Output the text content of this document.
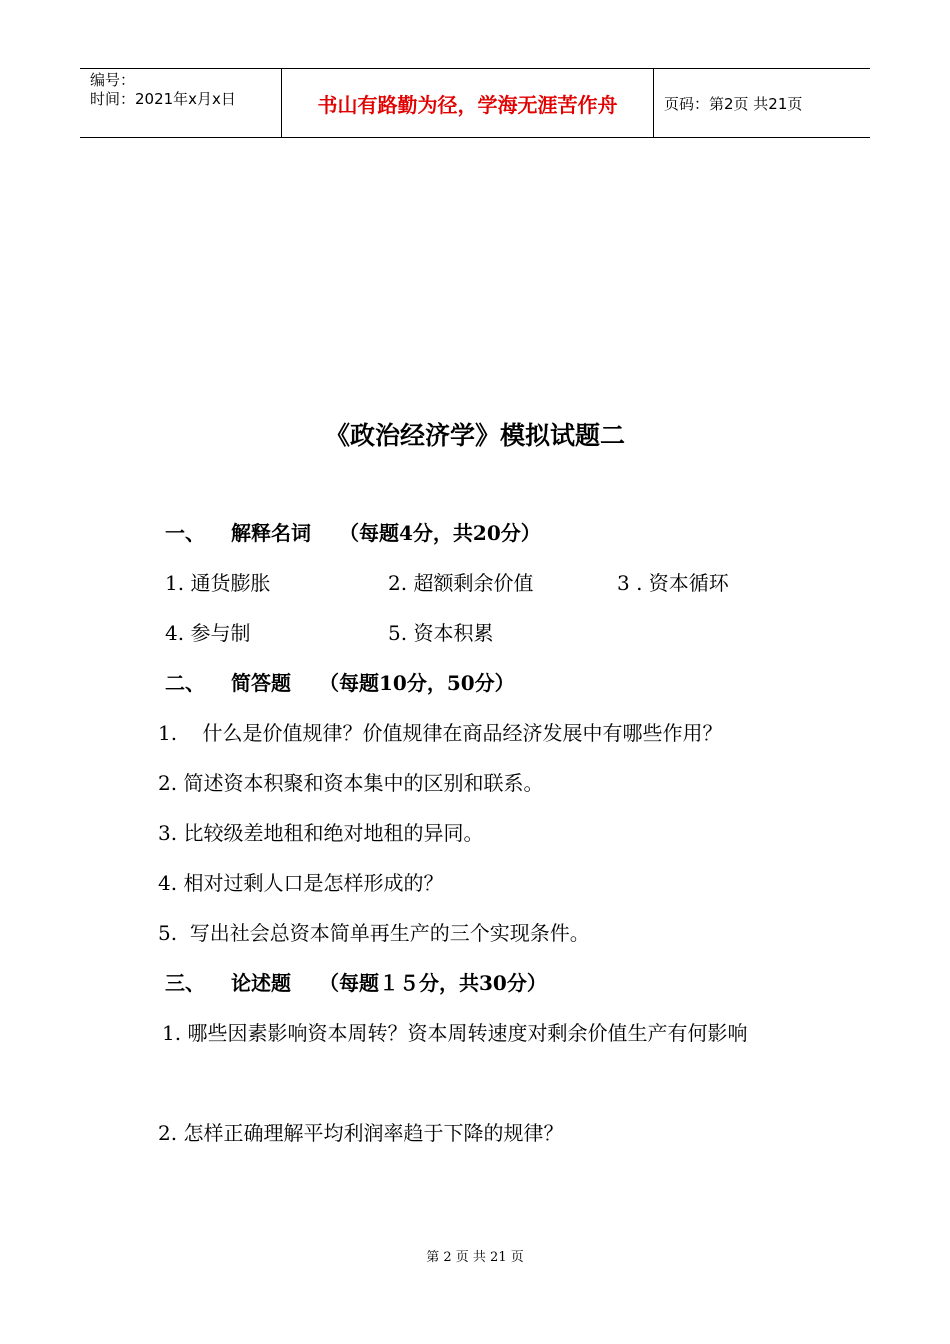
编号：
时间：2021年x月x日	书山有路勤为径，学海无涯苦作舟	页码：第2页 共21页
《政治经济学》模拟试题二
一、 解释名词 （每题4分，共20分）
1. 通货膨胀	2. 超额剩余价值	3 . 资本循环
4. 参与制	5. 资本积累
二、 简答题 （每题10分，50分）
1.    什么是价值规律？价值规律在商品经济发展中有哪些作用？
2. 简述资本积聚和资本集中的区别和联系。
3. 比较级差地租和绝对地租的异同。
4. 相对过剩人口是怎样形成的？
5.  写出社会总资本简单再生产的三个实现条件。
三、 论述题 （每题１５分，共30分）
1. 哪些因素影响资本周转？资本周转速度对剩余价值生产有何影响
2. 怎样正确理解平均利润率趋于下降的规律？
第 2 页 共 21 页
